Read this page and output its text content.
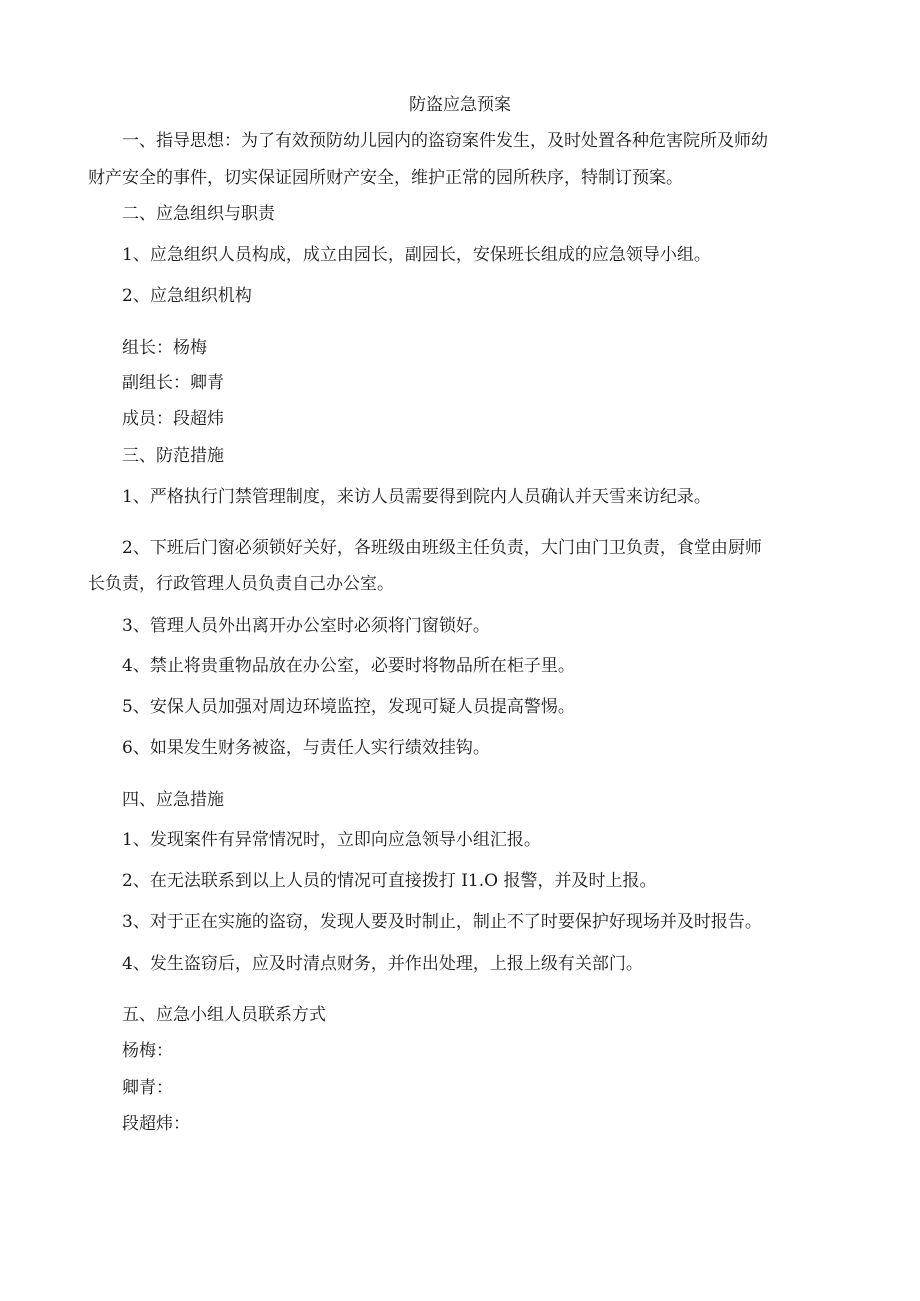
防盗应急预案
一、指导思想：为了有效预防幼儿园内的盗窃案件发生，及时处置各种危害院所及师幼
财产安全的事件，切实保证园所财产安全，维护正常的园所秩序，特制订预案。
二、应急组织与职责
1、应急组织人员构成，成立由园长，副园长，安保班长组成的应急领导小组。
2、应急组织机构
组长：杨梅
副组长：卿青
成员：段超炜
三、防范措施
1、严格执行门禁管理制度，来访人员需要得到院内人员确认并天雪来访纪录。
2、下班后门窗必须锁好关好，各班级由班级主任负责，大门由门卫负责，食堂由厨师
长负责，行政管理人员负责自己办公室。
3、管理人员外出离开办公室时必须将门窗锁好。
4、禁止将贵重物品放在办公室，必要时将物品所在柜子里。
5、安保人员加强对周边环境监控，发现可疑人员提高警惕。
6、如果发生财务被盗，与责任人实行绩效挂钩。
四、应急措施
1、发现案件有异常情况时，立即向应急领导小组汇报。
2、在无法联系到以上人员的情况可直接拨打 I1.O 报警，并及时上报。
3、对于正在实施的盗窃，发现人要及时制止，制止不了时要保护好现场并及时报告。
4、发生盗窃后，应及时清点财务，并作出处理，上报上级有关部门。
五、应急小组人员联系方式
杨梅：
卿青：
段超炜：
